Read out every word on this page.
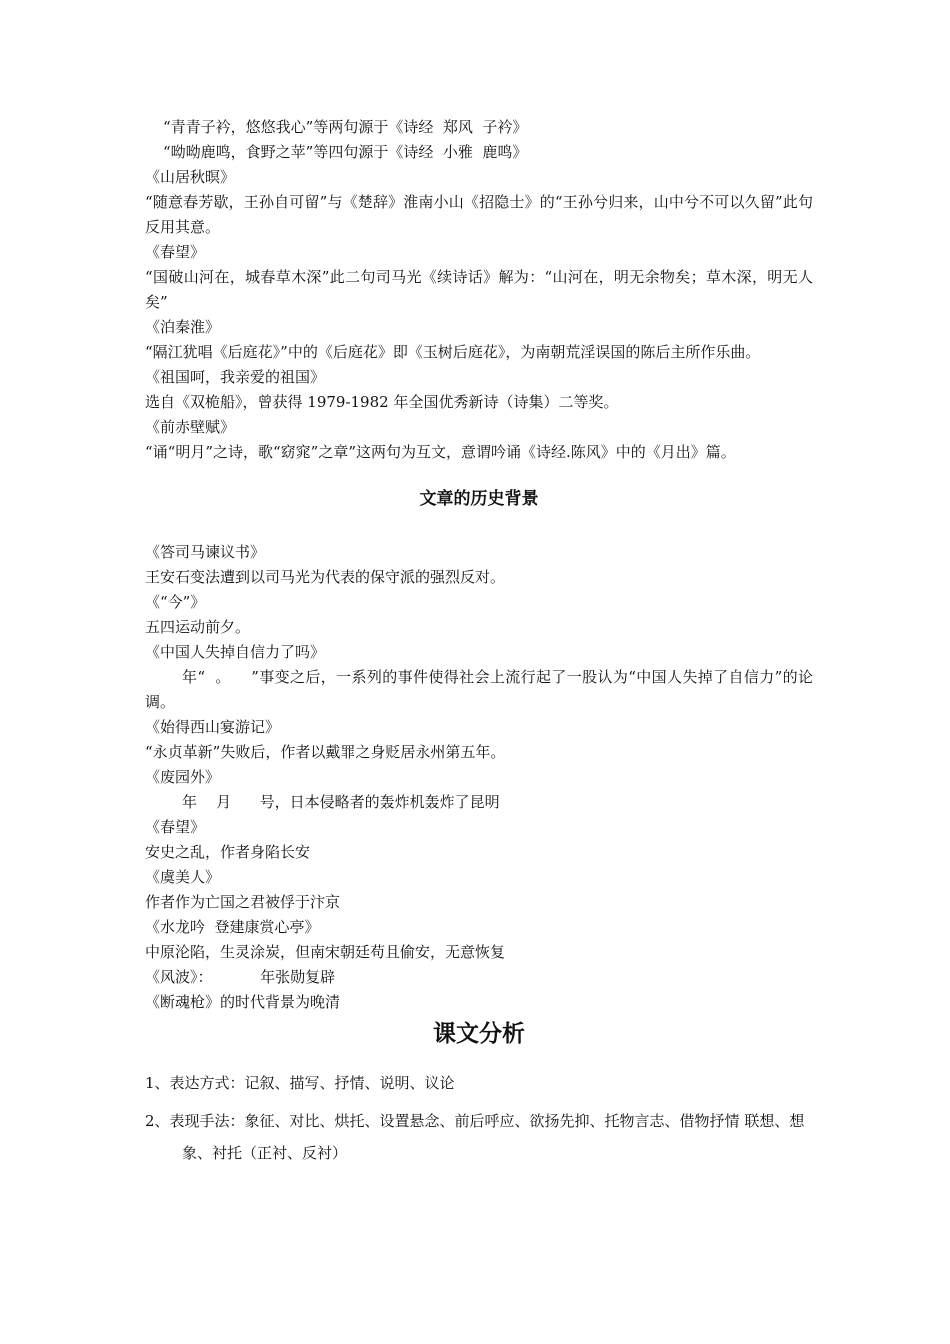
“青青子衿，悠悠我心”等两句源于《诗经  郑风  子衿》

“呦呦鹿鸣，食野之苹”等四句源于《诗经  小雅  鹿鸣》

《山居秋暝》

“随意春芳歇，王孙自可留”与《楚辞》淮南小山《招隐士》的“王孙兮归来，山中兮不可以久留”此句反用其意。

《春望》

“国破山河在，城春草木深”此二句司马光《续诗话》解为：“山河在，明无余物矣；草木深，明无人矣”

《泊秦淮》

“隔江犹唱《后庭花》”中的《后庭花》即《玉树后庭花》，为南朝荒淫误国的陈后主所作乐曲。

《祖国呵，我亲爱的祖国》

选自《双桅船》，曾获得 1979-1982 年全国优秀新诗（诗集）二等奖。

《前赤壁赋》

“诵“明月”之诗，歌“窈窕”之章”这两句为互文，意谓吟诵《诗经.陈风》中的《月出》篇。

文章的历史背景

《答司马谏议书》

王安石变法遭到以司马光为代表的保守派的强烈反对。

《“今”》

五四运动前夕。

《中国人失掉自信力了吗》

年“  。    ”事变之后，一系列的事件使得社会上流行起了一股认为“中国人失掉了自信力”的论调。

《始得西山宴游记》

“永贞革新”失败后，作者以戴罪之身贬居永州第五年。

《废园外》

年    月      号，日本侵略者的轰炸机轰炸了昆明

《春望》

安史之乱，作者身陷长安

《虞美人》

作者作为亡国之君被俘于汴京

《水龙吟  登建康赏心亭》

中原沦陷，生灵涂炭，但南宋朝廷苟且偷安，无意恢复

《风波》：          年张勋复辟

《断魂枪》的时代背景为晚清

课文分析

1、表达方式：记叙、描写、抒情、说明、议论

2、表现手法：象征、对比、烘托、设置悬念、前后呼应、欲扬先抑、托物言志、借物抒情 联想、想象、衬托（正衬、反衬）
